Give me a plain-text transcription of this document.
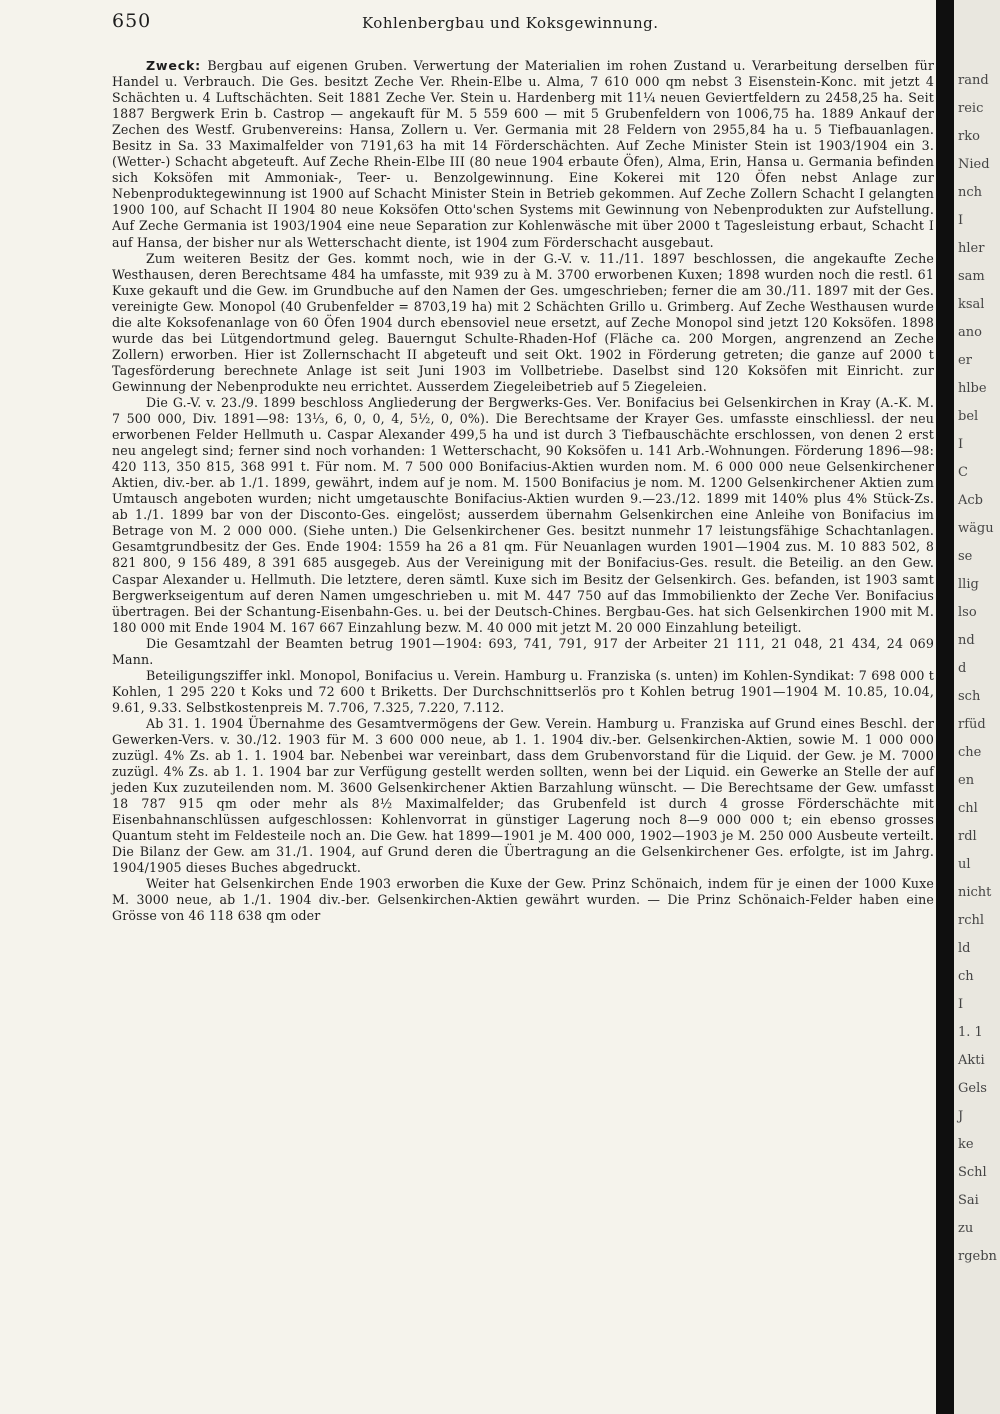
650	Kohlenbergbau und Koksgewinnung.

Zweck: Bergbau auf eigenen Gruben. Verwertung der Materialien im rohen Zustand u. Verarbeitung derselben für Handel u. Verbrauch. Die Ges. besitzt Zeche Ver. Rhein-Elbe u. Alma, 7 610 000 qm nebst 3 Eisenstein-Konc. mit jetzt 4 Schächten u. 4 Luftschächten. Seit 1881 Zeche Ver. Stein u. Hardenberg mit 11¼ neuen Geviertfeldern zu 2458,25 ha. Seit 1887 Bergwerk Erin b. Castrop — angekauft für M. 5 559 600 — mit 5 Grubenfeldern von 1006,75 ha. 1889 Ankauf der Zechen des Westf. Grubenvereins: Hansa, Zollern u. Ver. Germania mit 28 Feldern von 2955,84 ha u. 5 Tiefbauanlagen. Besitz in Sa. 33 Maximalfelder von 7191,63 ha mit 14 Förderschächten. Auf Zeche Minister Stein ist 1903/1904 ein 3. (Wetter-) Schacht abgeteuft. Auf Zeche Rhein-Elbe III (80 neue 1904 erbaute Öfen), Alma, Erin, Hansa u. Germania befinden sich Koksöfen mit Ammoniak-, Teer- u. Benzolgewinnung. Eine Kokerei mit 120 Öfen nebst Anlage zur Nebenproduktegewinnung ist 1900 auf Schacht Minister Stein in Betrieb gekommen. Auf Zeche Zollern Schacht I gelangten 1900 100, auf Schacht II 1904 80 neue Koksöfen Otto'schen Systems mit Gewinnung von Nebenprodukten zur Aufstellung. Auf Zeche Germania ist 1903/1904 eine neue Separation zur Kohlenwäsche mit über 2000 t Tagesleistung erbaut, Schacht I auf Hansa, der bisher nur als Wetterschacht diente, ist 1904 zum Förderschacht ausgebaut.

Zum weiteren Besitz der Ges. kommt noch, wie in der G.-V. v. 11./11. 1897 beschlossen, die angekaufte Zeche Westhausen, deren Berechtsame 484 ha umfasste, mit 939 zu à M. 3700 erworbenen Kuxen; 1898 wurden noch die restl. 61 Kuxe gekauft und die Gew. im Grundbuche auf den Namen der Ges. umgeschrieben; ferner die am 30./11. 1897 mit der Ges. vereinigte Gew. Monopol (40 Grubenfelder = 8703,19 ha) mit 2 Schächten Grillo u. Grimberg. Auf Zeche Westhausen wurde die alte Koksofenanlage von 60 Öfen 1904 durch ebensoviel neue ersetzt, auf Zeche Monopol sind jetzt 120 Koksöfen. 1898 wurde das bei Lütgendortmund geleg. Bauerngut Schulte-Rhaden-Hof (Fläche ca. 200 Morgen, angrenzend an Zeche Zollern) erworben. Hier ist Zollernschacht II abgeteuft und seit Okt. 1902 in Förderung getreten; die ganze auf 2000 t Tagesförderung berechnete Anlage ist seit Juni 1903 im Vollbetriebe. Daselbst sind 120 Koksöfen mit Einricht. zur Gewinnung der Nebenprodukte neu errichtet. Ausserdem Ziegeleibetrieb auf 5 Ziegeleien.

Die G.-V. v. 23./9. 1899 beschloss Angliederung der Bergwerks-Ges. Ver. Bonifacius bei Gelsenkirchen in Kray (A.-K. M. 7 500 000, Div. 1891—98: 13⅓, 6, 0, 0, 4, 5½, 0, 0%). Die Berechtsame der Krayer Ges. umfasste einschliessl. der neu erworbenen Felder Hellmuth u. Caspar Alexander 499,5 ha und ist durch 3 Tiefbauschächte erschlossen, von denen 2 erst neu angelegt sind; ferner sind noch vorhanden: 1 Wetterschacht, 90 Koksöfen u. 141 Arb.-Wohnungen. Förderung 1896—98: 420 113, 350 815, 368 991 t. Für nom. M. 7 500 000 Bonifacius-Aktien wurden nom. M. 6 000 000 neue Gelsenkirchener Aktien, div.-ber. ab 1./1. 1899, gewährt, indem auf je nom. M. 1500 Bonifacius je nom. M. 1200 Gelsenkirchener Aktien zum Umtausch angeboten wurden; nicht umgetauschte Bonifacius-Aktien wurden 9.—23./12. 1899 mit 140% plus 4% Stück-Zs. ab 1./1. 1899 bar von der Disconto-Ges. eingelöst; ausserdem übernahm Gelsenkirchen eine Anleihe von Bonifacius im Betrage von M. 2 000 000. (Siehe unten.) Die Gelsenkirchener Ges. besitzt nunmehr 17 leistungsfähige Schachtanlagen. Gesamtgrundbesitz der Ges. Ende 1904: 1559 ha 26 a 81 qm. Für Neuanlagen wurden 1901—1904 zus. M. 10 883 502, 8 821 800, 9 156 489, 8 391 685 ausgegeb. Aus der Vereinigung mit der Bonifacius-Ges. result. die Beteilig. an den Gew. Caspar Alexander u. Hellmuth. Die letztere, deren sämtl. Kuxe sich im Besitz der Gelsenkirch. Ges. befanden, ist 1903 samt Bergwerkseigentum auf deren Namen umgeschrieben u. mit M. 447 750 auf das Immobilienkto der Zeche Ver. Bonifacius übertragen. Bei der Schantung-Eisenbahn-Ges. u. bei der Deutsch-Chines. Bergbau-Ges. hat sich Gelsenkirchen 1900 mit M. 180 000 mit Ende 1904 M. 167 667 Einzahlung bezw. M. 40 000 mit jetzt M. 20 000 Einzahlung beteiligt.

Die Gesamtzahl der Beamten betrug 1901—1904: 693, 741, 791, 917 der Arbeiter 21 111, 21 048, 21 434, 24 069 Mann.

Beteiligungsziffer inkl. Monopol, Bonifacius u. Verein. Hamburg u. Franziska (s. unten) im Kohlen-Syndikat: 7 698 000 t Kohlen, 1 295 220 t Koks und 72 600 t Briketts. Der Durchschnittserlös pro t Kohlen betrug 1901—1904 M. 10.85, 10.04, 9.61, 9.33. Selbstkostenpreis M. 7.706, 7.325, 7.220, 7.112.

Ab 31. 1. 1904 Übernahme des Gesamtvermögens der Gew. Verein. Hamburg u. Franziska auf Grund eines Beschl. der Gewerken-Vers. v. 30./12. 1903 für M. 3 600 000 neue, ab 1. 1. 1904 div.-ber. Gelsenkirchen-Aktien, sowie M. 1 000 000 zuzügl. 4% Zs. ab 1. 1. 1904 bar. Nebenbei war vereinbart, dass dem Grubenvorstand für die Liquid. der Gew. je M. 7000 zuzügl. 4% Zs. ab 1. 1. 1904 bar zur Verfügung gestellt werden sollten, wenn bei der Liquid. ein Gewerke an Stelle der auf jeden Kux zuzuteilenden nom. M. 3600 Gelsenkirchener Aktien Barzahlung wünscht. — Die Berechtsame der Gew. umfasst 18 787 915 qm oder mehr als 8½ Maximalfelder; das Grubenfeld ist durch 4 grosse Förderschächte mit Eisenbahnanschlüssen aufgeschlossen: Kohlenvorrat in günstiger Lagerung noch 8—9 000 000 t; ein ebenso grosses Quantum steht im Feldesteile noch an. Die Gew. hat 1899—1901 je M. 400 000, 1902—1903 je M. 250 000 Ausbeute verteilt. Die Bilanz der Gew. am 31./1. 1904, auf Grund deren die Übertragung an die Gelsenkirchener Ges. erfolgte, ist im Jahrg. 1904/1905 dieses Buches abgedruckt.

Weiter hat Gelsenkirchen Ende 1903 erworben die Kuxe der Gew. Prinz Schönaich, indem für je einen der 1000 Kuxe M. 3000 neue, ab 1./1. 1904 div.-ber. Gelsenkirchen-Aktien gewährt wurden. — Die Prinz Schönaich-Felder haben eine Grösse von 46 118 638 qm oder

rand
reic
rko
Nied
nch
I
hler
sam
ksal
ano
er
hlbe
bel
I
C
Acb
wägu
se
llig
lso
nd
d
sch
rfüd
che
en
chl
rdl
ul
nicht
rchl
ld
ch
I
1. 1
Akti
Gels
J
ke
Schl
Sai
zu
rgebn
